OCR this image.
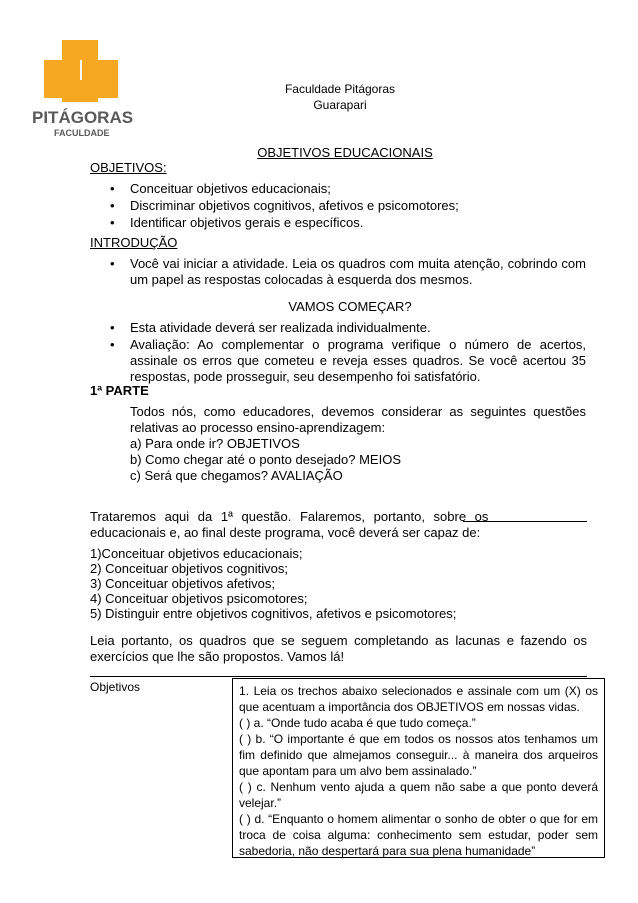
PITÁGORAS
FACULDADE
Faculdade Pitágoras
Guarapari
OBJETIVOS EDUCACIONAIS
OBJETIVOS:
• Conceituar objetivos educacionais;
• Discriminar objetivos cognitivos, afetivos e psicomotores;
• Identificar objetivos gerais e específicos.
INTRODUÇÃO
• Você vai iniciar a atividade. Leia os quadros com muita atenção, cobrindo com um papel as respostas colocadas à esquerda dos mesmos.
VAMOS COMEÇAR?
• Esta atividade deverá ser realizada individualmente.
• Avaliação: Ao complementar o programa verifique o número de acertos, assinale os erros que cometeu e reveja esses quadros. Se você acertou 35 respostas, pode prosseguir, seu desempenho foi satisfatório.
1ª PARTE
Todos nós, como educadores, devemos considerar as seguintes questões relativas ao processo ensino-aprendizagem:
a) Para onde ir? OBJETIVOS
b) Como chegar até o ponto desejado? MEIOS
c) Será que chegamos? AVALIAÇÃO
Trataremos aqui da 1ª questão. Falaremos, portanto, sobre os
educacionais e, ao final deste programa, você deverá ser capaz de:
1)Conceituar objetivos educacionais;
2) Conceituar objetivos cognitivos;
3) Conceituar objetivos afetivos;
4) Conceituar objetivos psicomotores;
5) Distinguir entre objetivos cognitivos, afetivos e psicomotores;
Leia portanto, os quadros que se seguem completando as lacunas e fazendo os exercícios que lhe são propostos. Vamos lá!
Objetivos	1. Leia os trechos abaixo selecionados e assinale com um (X) os que acentuam a importância dos OBJETIVOS em nossas vidas.
( ) a. “Onde tudo acaba é que tudo começa.”
( ) b. “O importante é que em todos os nossos atos tenhamos um fim definido que almejamos conseguir... à maneira dos arqueiros que apontam para um alvo bem assinalado.”
( ) c. Nenhum vento ajuda a quem não sabe a que ponto deverá velejar.”
( ) d. “Enquanto o homem alimentar o sonho de obter o que for em troca de coisa alguma: conhecimento sem estudar, poder sem sabedoria, não despertará para sua plena humanidade”
